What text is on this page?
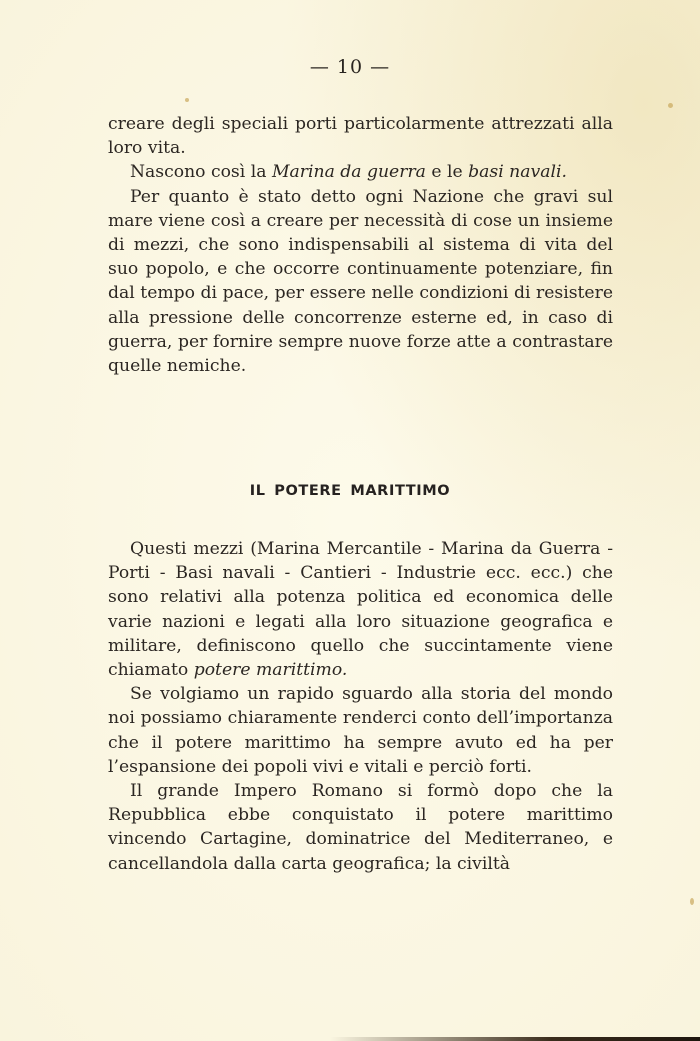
— 10 —

creare degli speciali porti particolarmente attrezzati alla loro vita.

Nascono così la Marina da guerra e le basi navali.

Per quanto è stato detto ogni Nazione che gravi sul mare viene così a creare per necessità di cose un insieme di mezzi, che sono indispensabili al sistema di vita del suo popolo, e che occorre continuamente potenziare, fin dal tempo di pace, per essere nelle condizioni di resistere alla pressione delle concorrenze esterne ed, in caso di guerra, per fornire sempre nuove forze atte a contrastare quelle nemiche.

IL POTERE MARITTIMO

Questi mezzi (Marina Mercantile - Marina da Guerra - Porti - Basi navali - Cantieri - Industrie ecc. ecc.) che sono relativi alla potenza politica ed economica delle varie nazioni e legati alla loro situazione geografica e militare, definiscono quello che succintamente viene chiamato potere marittimo.

Se volgiamo un rapido sguardo alla storia del mondo noi possiamo chiaramente renderci conto dell’importanza che il potere marittimo ha sempre avuto ed ha per l’espansione dei popoli vivi e vitali e perciò forti.

Il grande Impero Romano si formò dopo che la Repubblica ebbe conquistato il potere marittimo vincendo Cartagine, dominatrice del Mediterraneo, e cancellandola dalla carta geografica; la civiltà
